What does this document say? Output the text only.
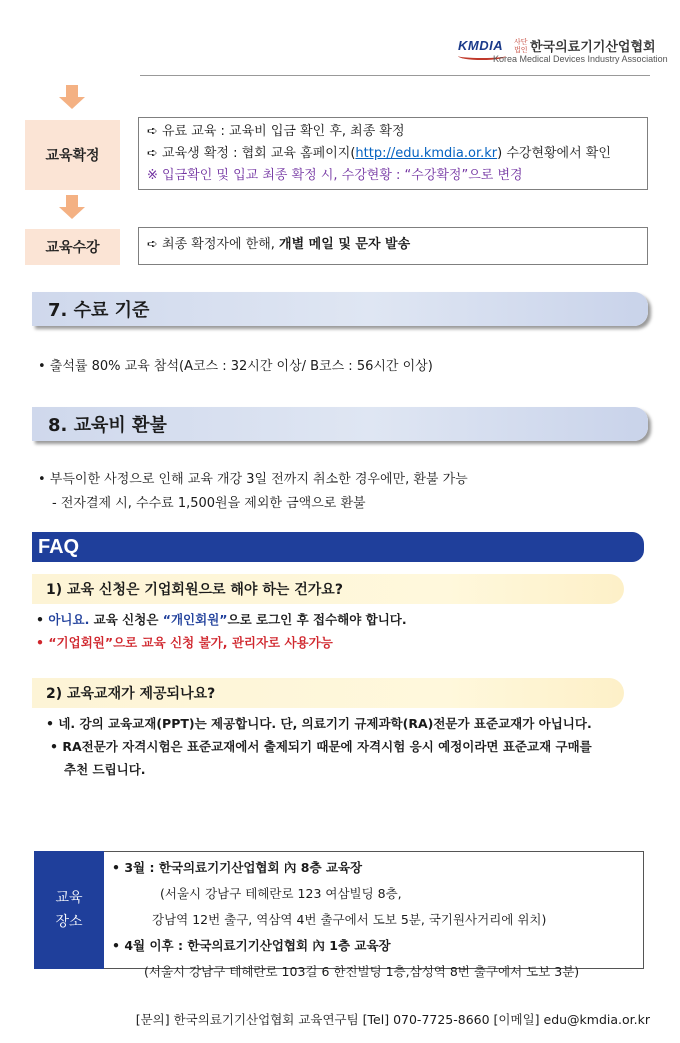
KMDIA 사단법인 한국의료기기산업협회
Korea Medical Devices Industry Association
교육확정
➪ 유료 교육 : 교육비 입금 확인 후, 최종 확정
➪ 교육생 확정 : 협회 교육 홈페이지(http://edu.kmdia.or.kr) 수강현황에서 확인
※ 입금확인 및 입교 최종 확정 시, 수강현황 : “수강확정”으로 변경
교육수강	➪ 최종 확정자에 한해, 개별 메일 및 문자 발송
7. 수료 기준
• 출석률 80% 교육 참석(A코스 : 32시간 이상/ B코스 : 56시간 이상)
8. 교육비 환불
• 부득이한 사정으로 인해 교육 개강 3일 전까지 취소한 경우에만, 환불 가능
- 전자결제 시, 수수료 1,500원을 제외한 금액으로 환불
FAQ
1) 교육 신청은 기업회원으로 해야 하는 건가요?
• 아니요. 교육 신청은 “개인회원”으로 로그인 후 접수해야 합니다.
• “기업회원”으로 교육 신청 불가, 관리자로 사용가능
2) 교육교재가 제공되나요?
• 네. 강의 교육교재(PPT)는 제공합니다. 단, 의료기기 규제과학(RA)전문가 표준교재가 아닙니다.
• RA전문가 자격시험은 표준교재에서 출제되기 때문에 자격시험 응시 예정이라면 표준교재 구매를
추천 드립니다.
교육
장소
• 3월 : 한국의료기기산업협회 內 8층 교육장
(서울시 강남구 테헤란로 123 여삼빌딩 8층,
강남역 12번 출구, 역삼역 4번 출구에서 도보 5분, 국기원사거리에 위치)
• 4월 이후 : 한국의료기기산업협회 內 1층 교육장
(서울시 강남구 테헤란로 103길 6 한진빌딩 1층,삼성역 8번 출구에서 도보 3분)
[문의] 한국의료기기산업협회 교육연구팀 [Tel] 070-7725-8660 [이메일] edu@kmdia.or.kr
